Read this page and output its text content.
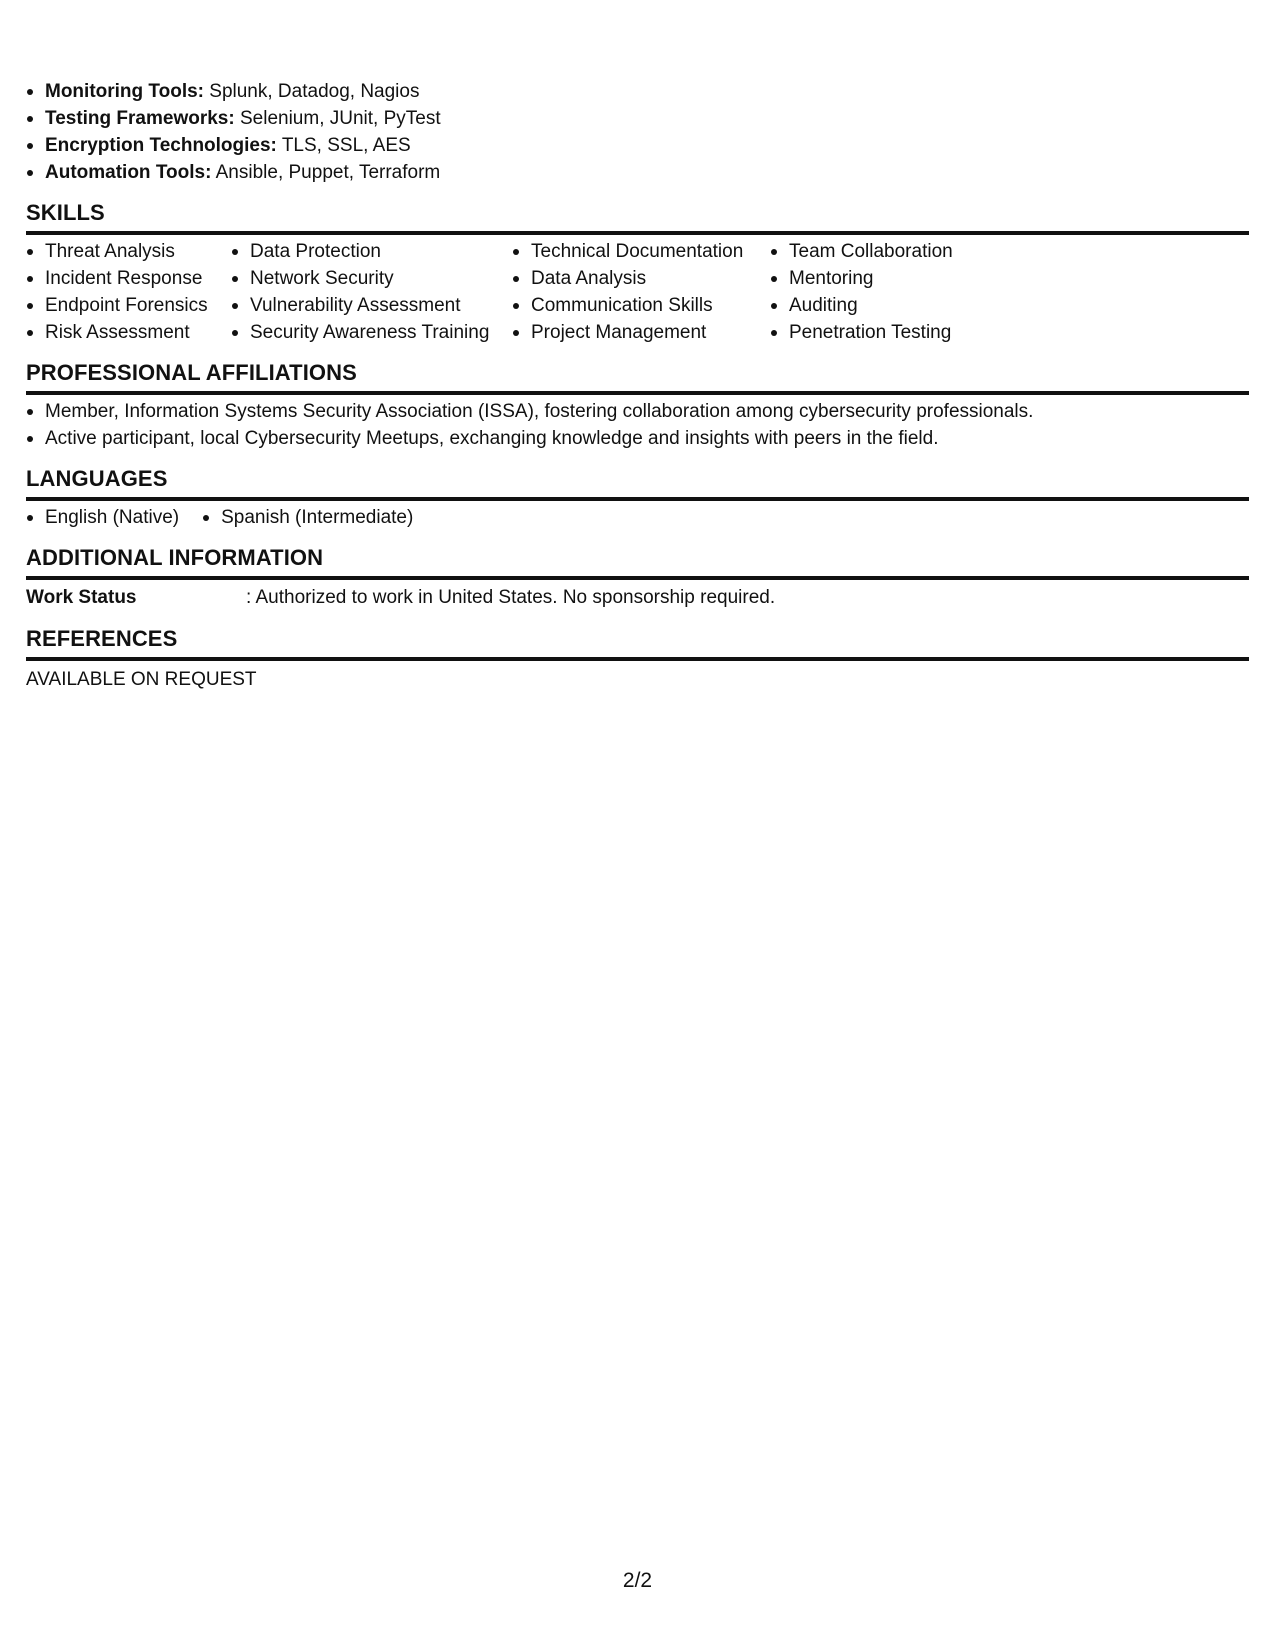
Monitoring Tools: Splunk, Datadog, Nagios
Testing Frameworks: Selenium, JUnit, PyTest
Encryption Technologies: TLS, SSL, AES
Automation Tools: Ansible, Puppet, Terraform
SKILLS
Threat Analysis
Incident Response
Endpoint Forensics
Risk Assessment
Data Protection
Network Security
Vulnerability Assessment
Security Awareness Training
Technical Documentation
Data Analysis
Communication Skills
Project Management
Team Collaboration
Mentoring
Auditing
Penetration Testing
PROFESSIONAL AFFILIATIONS
Member, Information Systems Security Association (ISSA), fostering collaboration among cybersecurity professionals.
Active participant, local Cybersecurity Meetups, exchanging knowledge and insights with peers in the field.
LANGUAGES
English (Native)	Spanish (Intermediate)
ADDITIONAL INFORMATION
Work Status	: Authorized to work in United States. No sponsorship required.
REFERENCES
AVAILABLE ON REQUEST
2/2
